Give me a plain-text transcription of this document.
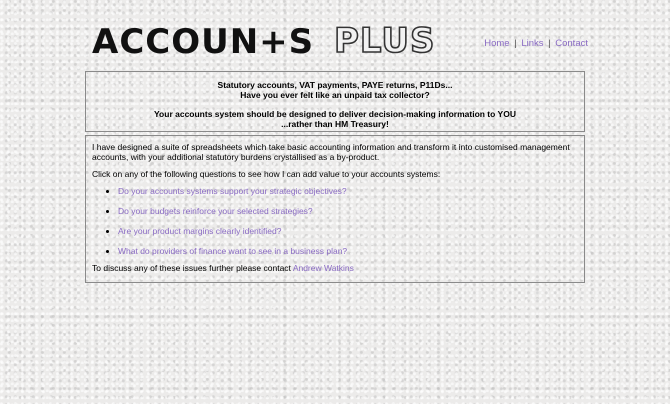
ACCOUN+S PLUS	Home | Links | Contact

Statutory accounts, VAT payments, PAYE returns, P11Ds...

Have you ever felt like an unpaid tax collector?

Your accounts system should be designed to deliver decision-making information to YOU

...rather than HM Treasury!

I have designed a suite of spreadsheets which take basic accounting information and transform it into customised management accounts, with your additional statutory burdens crystallised as a by-product.

Click on any of the following questions to see how I can add value to your accounts systems:

• Do your accounts systems support your strategic objectives?
• Do your budgets reinforce your selected strategies?
• Are your product margins clearly identified?
• What do providers of finance want to see in a business plan?

To discuss any of these issues further please contact Andrew Watkins
